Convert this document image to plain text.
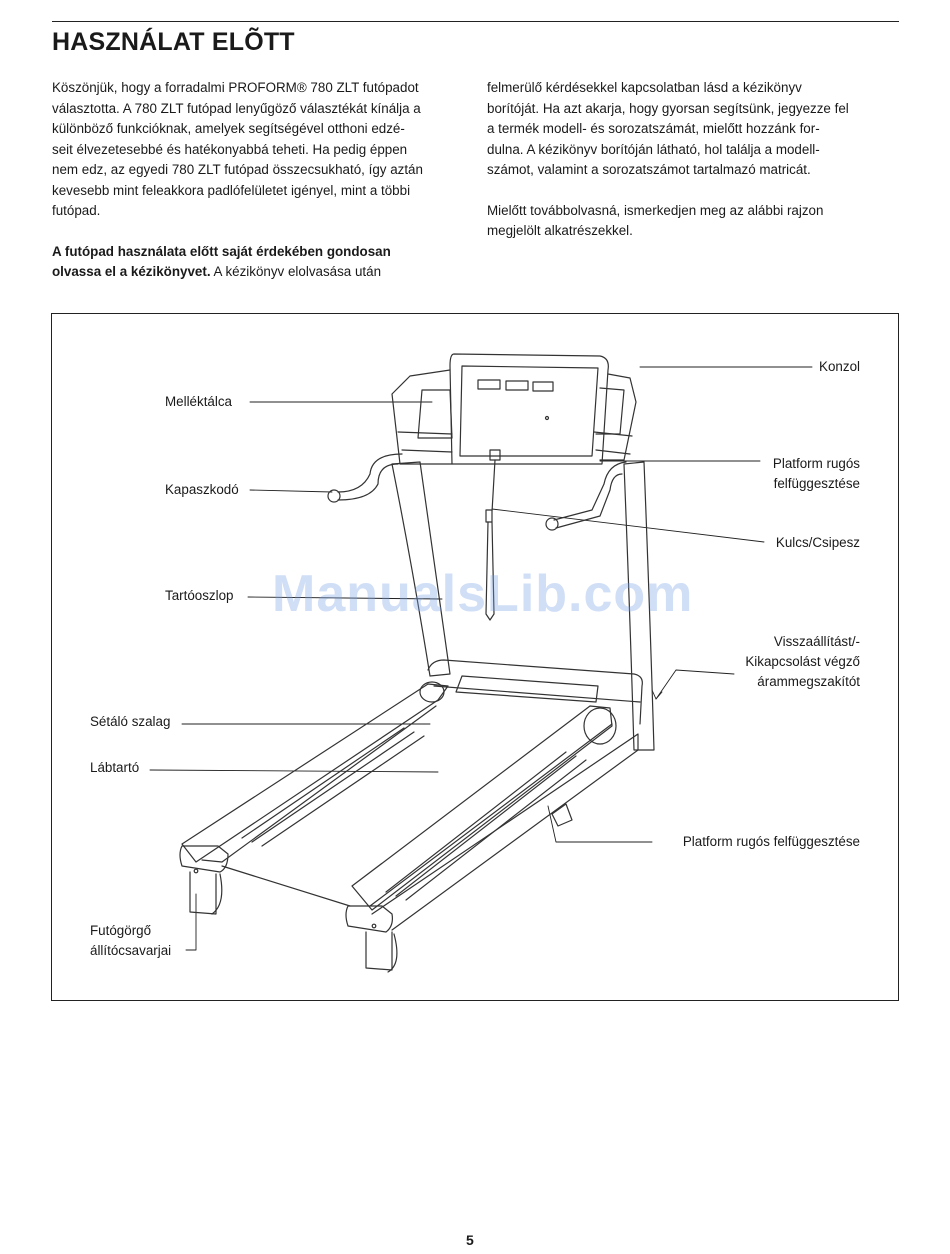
HASZNÁLAT ELÕTT

Köszönjük, hogy a forradalmi PROFORM® 780 ZLT futópadot
választotta. A 780 ZLT futópad lenyűgöző választékát kínálja a
különböző funkcióknak, amelyek segítségével otthoni edzé-
seit élvezetesebbé és hatékonyabbá teheti. Ha pedig éppen
nem edz, az egyedi 780 ZLT futópad összecsukható, így aztán
kevesebb mint feleakkora padlófelületet igényel, mint a többi
futópad.

A futópad használata előtt saját érdekében gondosan
olvassa el a kézikönyvet. A kézikönyv elolvasása után

felmerülő kérdésekkel kapcsolatban lásd a kézikönyv
borítóját. Ha azt akarja, hogy gyorsan segítsünk, jegyezze fel
a termék modell- és sorozatszámát, mielőtt hozzánk for-
dulna. A kézikönyv borítóján látható, hol találja a modell-
számot, valamint a sorozatszámot tartalmazó matricát.

Mielőtt továbbolvasná, ismerkedjen meg az alábbi rajzon
megjelölt alkatrészekkel.

ManualsLib.com
Konzol
Melléktálca
Kapaszkodó
Platform rugós
felfüggesztése
Kulcs/Csipesz
Tartóoszlop
Visszaállítást/-
Kikapcsolást végző
árammegszakítót
Sétáló szalag
Lábtartó
Platform rugós felfüggesztése
Futógörgő
állítócsavarjai
5
